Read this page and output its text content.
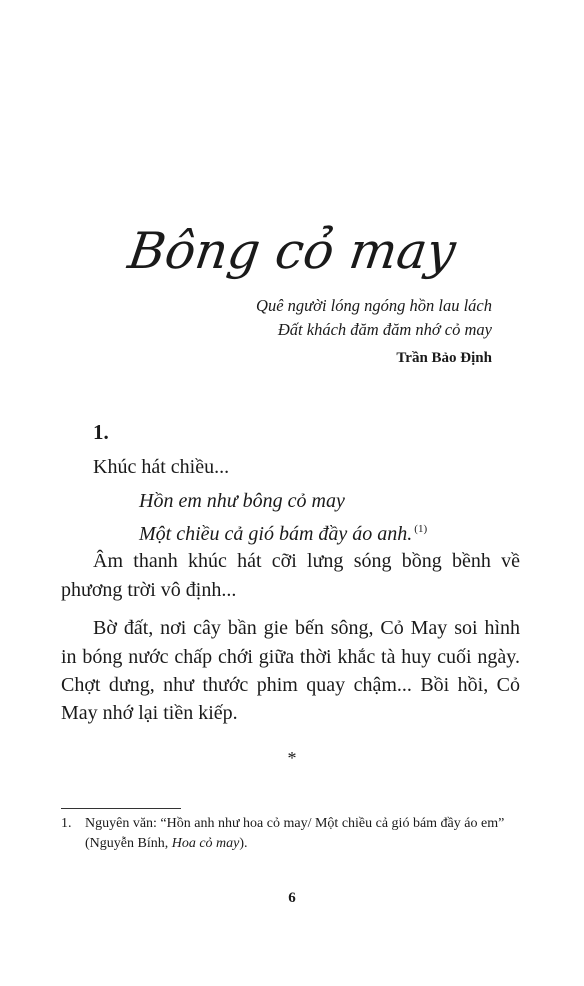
Bông cỏ may
Quê người lóng ngóng hồn lau lách
Đất khách đăm đăm nhớ cỏ may
Trần Bảo Định
1.
Khúc hát chiều...
Hồn em như bông cỏ may
Một chiều cả gió bám đầy áo anh. $^{(1)}$
Âm thanh khúc hát cỡi lưng sóng bồng bềnh về
phương trời vô định...
Bờ đất, nơi cây bần gie bến sông, Cỏ May soi hình
in bóng nước chấp chới giữa thời khắc tà huy cuối ngày.
Chợt dưng, như thước phim quay chậm... Bồi hồi, Cỏ
May nhớ lại tiền kiếp.
*
1. Nguyên văn: “Hồn anh như hoa cỏ may/ Một chiều cả gió bám đầy áo em”
(Nguyễn Bính, Hoa cỏ may).
6
